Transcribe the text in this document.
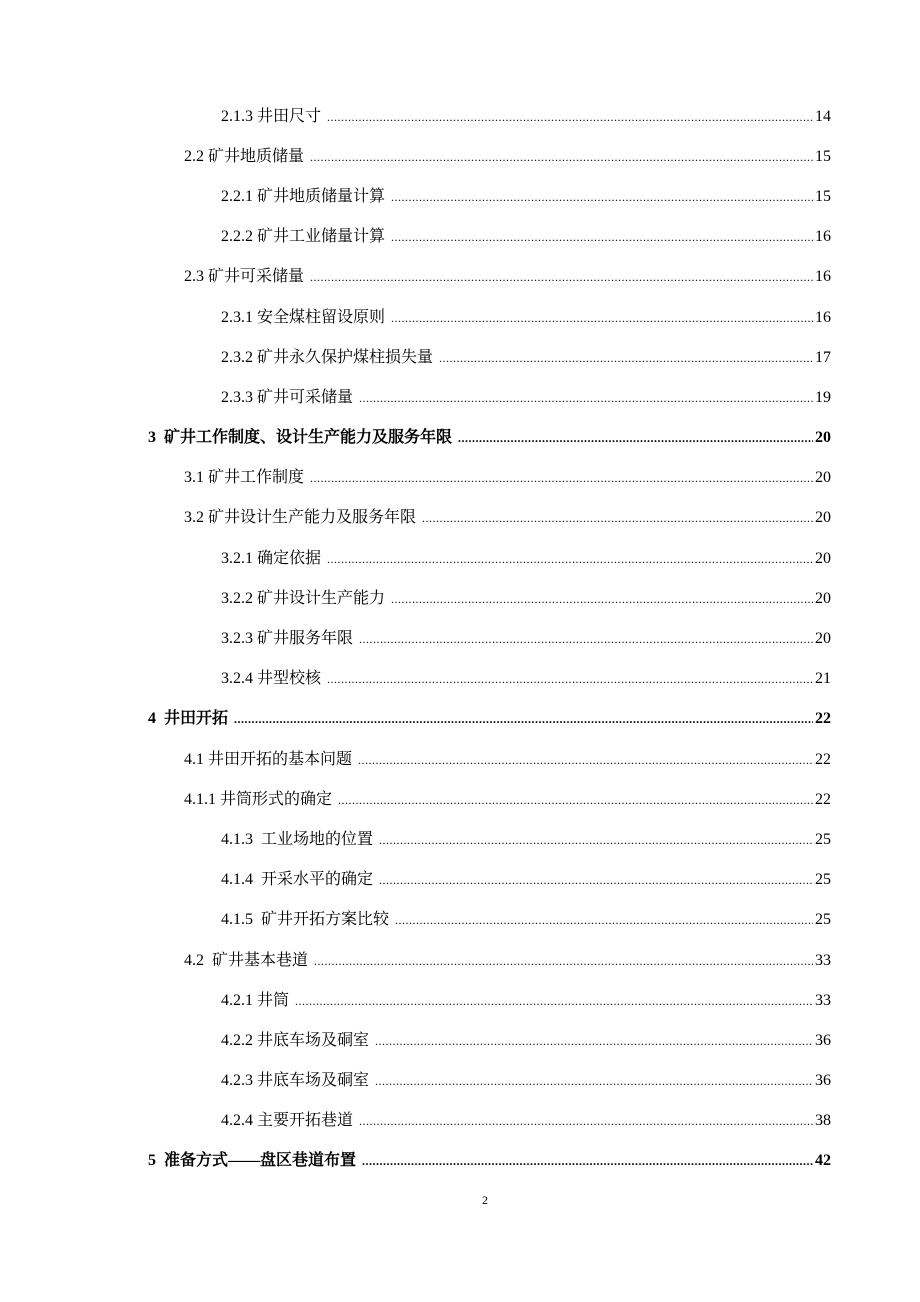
2.1.3 井田尺寸 .....	14
2.2 矿井地质储量 .....	15
2.2.1 矿井地质储量计算 .....	15
2.2.2 矿井工业储量计算 .....	16
2.3 矿井可采储量 .....	16
2.3.1 安全煤柱留设原则 .....	16
2.3.2 矿井永久保护煤柱损失量 .....	17
2.3.3 矿井可采储量 .....	19
3  矿井工作制度、设计生产能力及服务年限 .....	20
3.1 矿井工作制度 .....	20
3.2 矿井设计生产能力及服务年限 .....	20
3.2.1 确定依据 .....	20
3.2.2 矿井设计生产能力 .....	20
3.2.3 矿井服务年限 .....	20
3.2.4 井型校核 .....	21
4  井田开拓 .....	22
4.1 井田开拓的基本问题 .....	22
4.1.1 井筒形式的确定 .....	22
4.1.3  工业场地的位置 .....	25
4.1.4  开采水平的确定 .....	25
4.1.5  矿井开拓方案比较 .....	25
4.2  矿井基本巷道 .....	33
4.2.1 井筒 .....	33
4.2.2 井底车场及硐室 .....	36
4.2.3 井底车场及硐室 .....	36
4.2.4 主要开拓巷道 .....	38
5  准备方式——盘区巷道布置 .....	42
2
